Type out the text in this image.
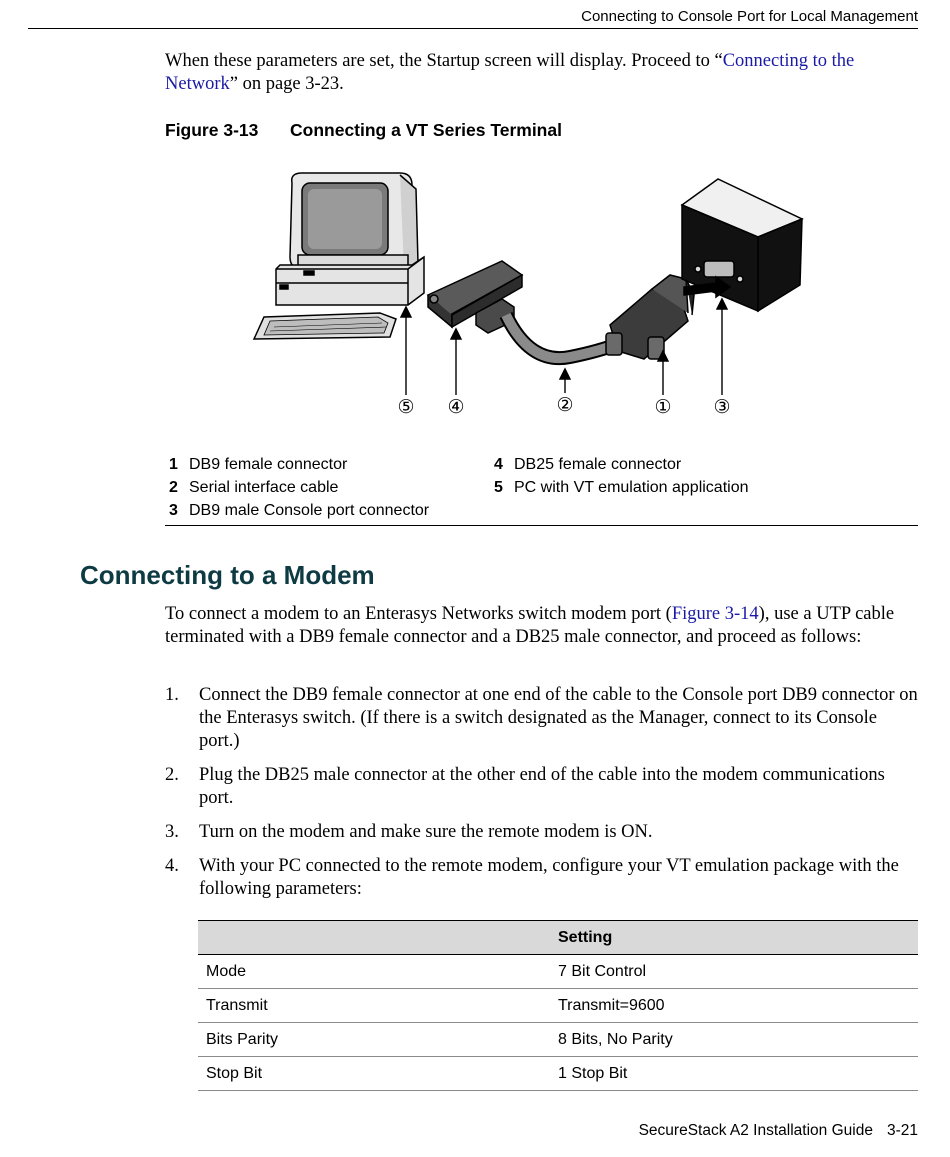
Connecting to Console Port for Local Management

When these parameters are set, the Startup screen will display. Proceed to “Connecting to the Network” on page 3-23.

Figure 3-13 Connecting a VT Series Terminal
⑤ ④	②	① ③
1 DB9 female connector
2 Serial interface cable
3 DB9 male Console port connector
4 DB25 female connector
5 PC with VT emulation application
Connecting to a Modem

To connect a modem to an Enterasys Networks switch modem port (Figure 3-14), use a UTP cable terminated with a DB9 female connector and a DB25 male connector, and proceed as follows:

1. Connect the DB9 female connector at one end of the cable to the Console port DB9 connector on the Enterasys switch. (If there is a switch designated as the Manager, connect to its Console port.)
2. Plug the DB25 male connector at the other end of the cable into the modem communications port.
3. Turn on the modem and make sure the remote modem is ON.
4. With your PC connected to the remote modem, configure your VT emulation package with the following parameters:
	Setting
Mode	7 Bit Control
Transmit	Transmit=9600
Bits Parity	8 Bits, No Parity
Stop Bit	1 Stop Bit
SecureStack A2 Installation Guide 3-21
